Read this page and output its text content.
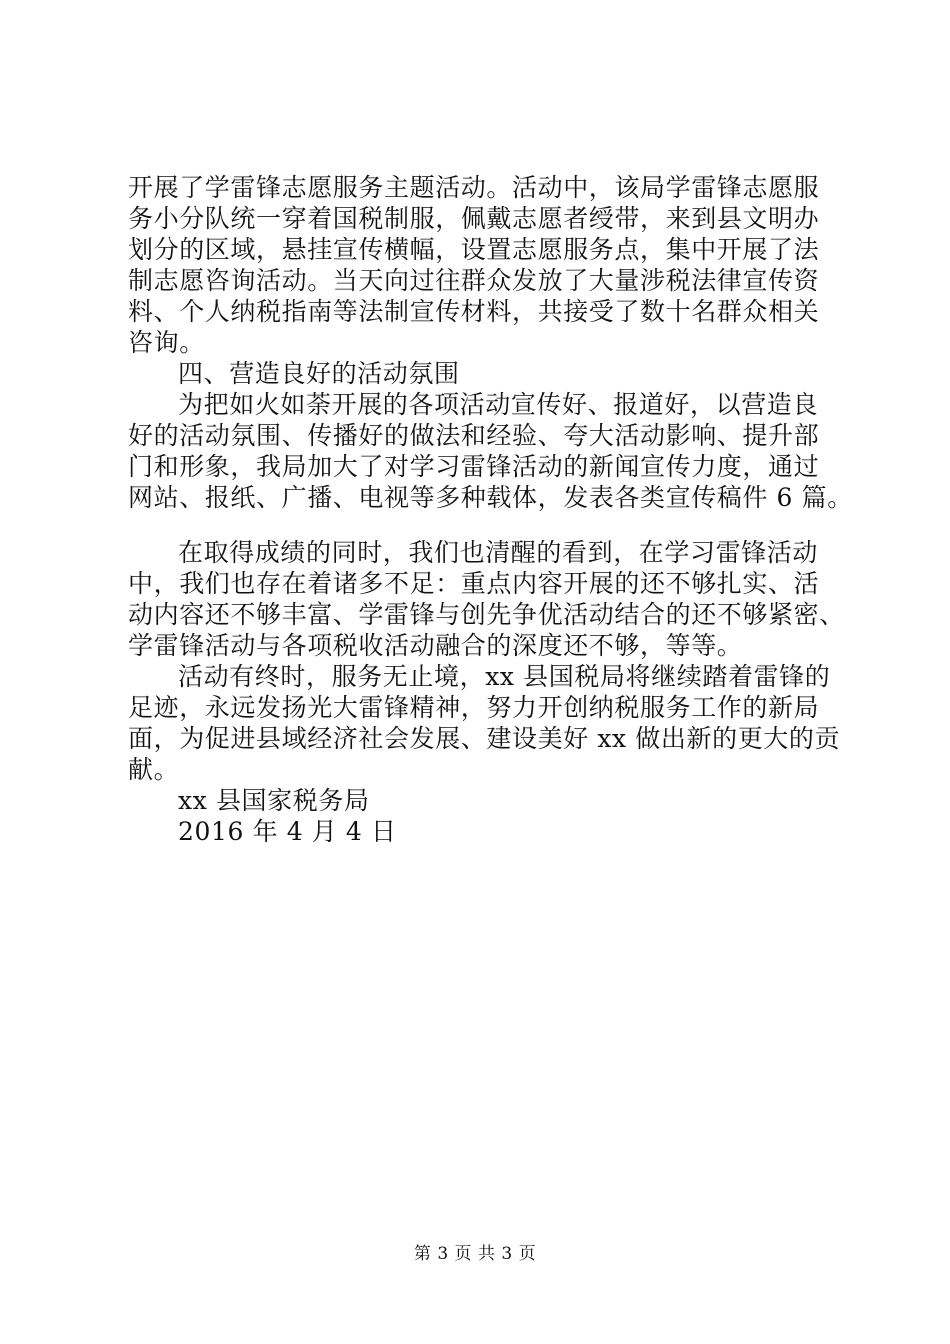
开展了学雷锋志愿服务主题活动。活动中，该局学雷锋志愿服
务小分队统一穿着国税制服，佩戴志愿者绶带，来到县文明办
划分的区域，悬挂宣传横幅，设置志愿服务点，集中开展了法
制志愿咨询活动。当天向过往群众发放了大量涉税法律宣传资
料、个人纳税指南等法制宣传材料，共接受了数十名群众相关
咨询。
四、营造良好的活动氛围
为把如火如荼开展的各项活动宣传好、报道好，以营造良
好的活动氛围、传播好的做法和经验、夸大活动影响、提升部
门和形象，我局加大了对学习雷锋活动的新闻宣传力度，通过
网站、报纸、广播、电视等多种载体，发表各类宣传稿件 6 篇。
在取得成绩的同时，我们也清醒的看到，在学习雷锋活动
中，我们也存在着诸多不足：重点内容开展的还不够扎实、活
动内容还不够丰富、学雷锋与创先争优活动结合的还不够紧密、
学雷锋活动与各项税收活动融合的深度还不够，等等。
活动有终时，服务无止境，xx 县国税局将继续踏着雷锋的
足迹，永远发扬光大雷锋精神，努力开创纳税服务工作的新局
面，为促进县域经济社会发展、建设美好 xx 做出新的更大的贡
献。
xx 县国家税务局
2016 年 4 月 4 日
第 3 页 共 3 页
